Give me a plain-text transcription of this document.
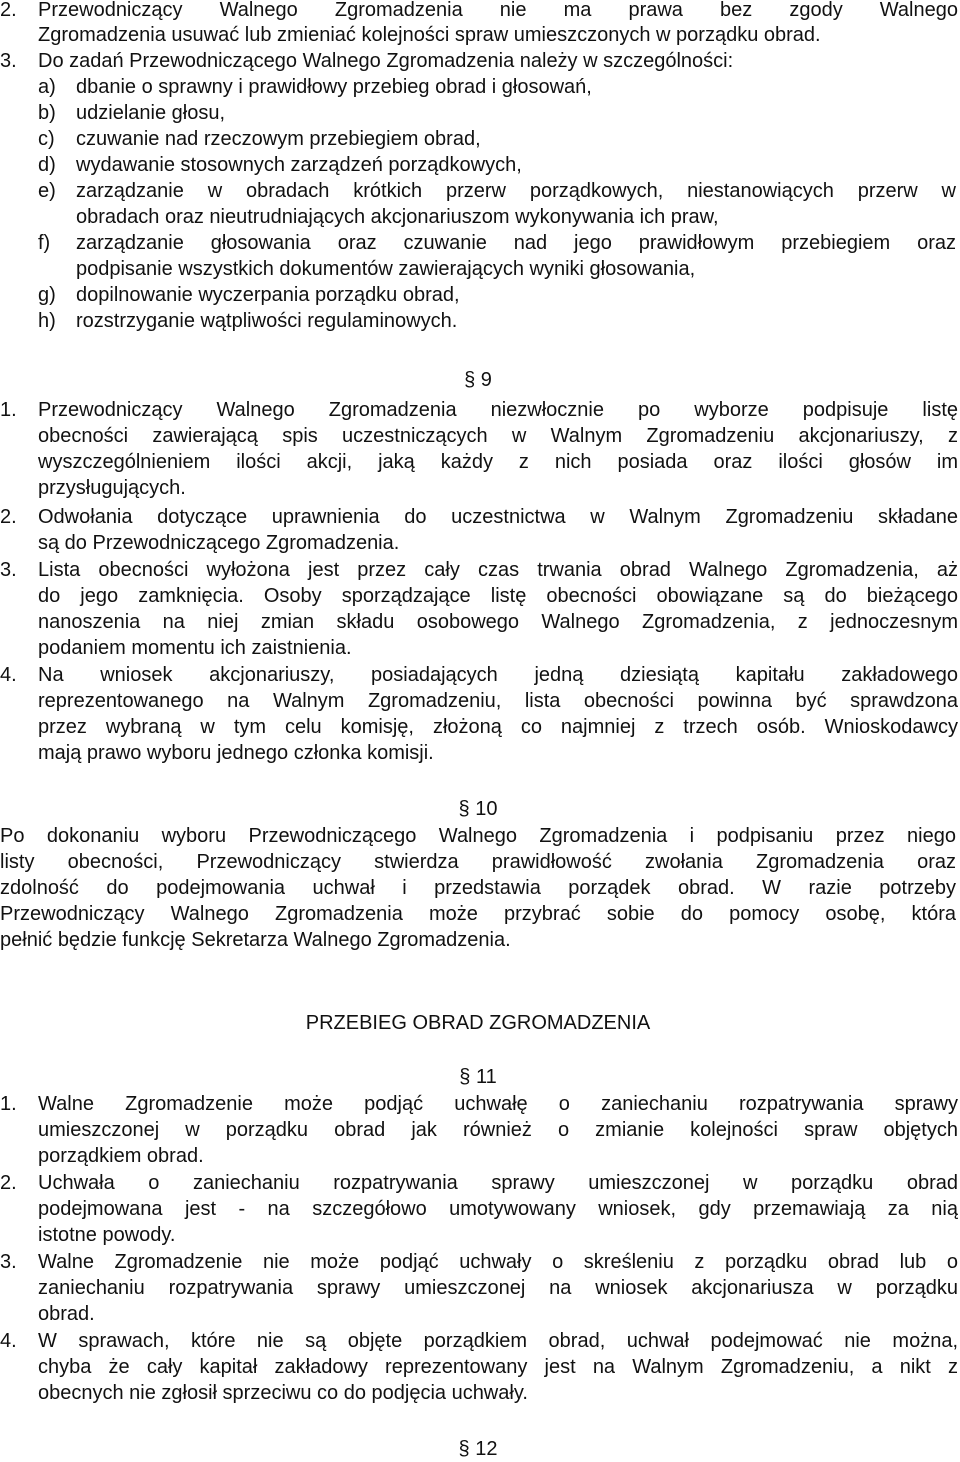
2.	Przewodniczący Walnego Zgromadzenia nie ma prawa bez zgody Walnego
Zgromadzenia usuwać lub zmieniać kolejności spraw umieszczonych w porządku obrad.
3.	Do zadań Przewodniczącego Walnego Zgromadzenia należy w szczególności:
a)	dbanie o sprawny i prawidłowy przebieg obrad i głosowań,
b)	udzielanie głosu,
c)	czuwanie nad rzeczowym przebiegiem obrad,
d)	wydawanie stosownych zarządzeń porządkowych,
e)	zarządzanie w obradach krótkich przerw porządkowych, niestanowiących przerw w
obradach oraz nieutrudniających akcjonariuszom wykonywania ich praw,
f)	zarządzanie głosowania oraz czuwanie nad jego prawidłowym przebiegiem oraz
podpisanie wszystkich dokumentów zawierających wyniki głosowania,
g)	dopilnowanie wyczerpania porządku obrad,
h)	rozstrzyganie wątpliwości regulaminowych.
§ 9
1.	Przewodniczący Walnego Zgromadzenia niezwłocznie po wyborze podpisuje listę
obecności zawierającą spis uczestniczących w Walnym Zgromadzeniu akcjonariuszy, z
wyszczególnieniem ilości akcji, jaką każdy z nich posiada oraz ilości głosów im
przysługujących.
2.	Odwołania dotyczące uprawnienia do uczestnictwa w Walnym Zgromadzeniu składane
są do Przewodniczącego Zgromadzenia.
3.	Lista obecności wyłożona jest przez cały czas trwania obrad Walnego Zgromadzenia, aż
do jego zamknięcia. Osoby sporządzające listę obecności obowiązane są do bieżącego
nanoszenia na niej zmian składu osobowego Walnego Zgromadzenia, z jednoczesnym
podaniem momentu ich zaistnienia.
4.	Na wniosek akcjonariuszy, posiadających jedną dziesiątą kapitału zakładowego
reprezentowanego na Walnym Zgromadzeniu, lista obecności powinna być sprawdzona
przez wybraną w tym celu komisję, złożoną co najmniej z trzech osób. Wnioskodawcy
mają prawo wyboru jednego członka komisji.
§ 10
Po dokonaniu wyboru Przewodniczącego Walnego Zgromadzenia i podpisaniu przez niego
listy obecności, Przewodniczący stwierdza prawidłowość zwołania Zgromadzenia oraz
zdolność do podejmowania uchwał i przedstawia porządek obrad. W razie potrzeby
Przewodniczący Walnego Zgromadzenia może przybrać sobie do pomocy osobę, która
pełnić będzie funkcję Sekretarza Walnego Zgromadzenia.
PRZEBIEG OBRAD ZGROMADZENIA
§ 11
1.	Walne Zgromadzenie może podjąć uchwałę o zaniechaniu rozpatrywania sprawy
umieszczonej w porządku obrad jak również o zmianie kolejności spraw objętych
porządkiem obrad.
2.	Uchwała o zaniechaniu rozpatrywania sprawy umieszczonej w porządku obrad
podejmowana jest - na szczegółowo umotywowany wniosek, gdy przemawiają za nią
istotne powody.
3.	Walne Zgromadzenie nie może podjąć uchwały o skreśleniu z porządku obrad lub o
zaniechaniu rozpatrywania sprawy umieszczonej na wniosek akcjonariusza w porządku
obrad.
4.	W sprawach, które nie są objęte porządkiem obrad, uchwał podejmować nie można,
chyba że cały kapitał zakładowy reprezentowany jest na Walnym Zgromadzeniu, a nikt z
obecnych nie zgłosił sprzeciwu co do podjęcia uchwały.
§ 12
